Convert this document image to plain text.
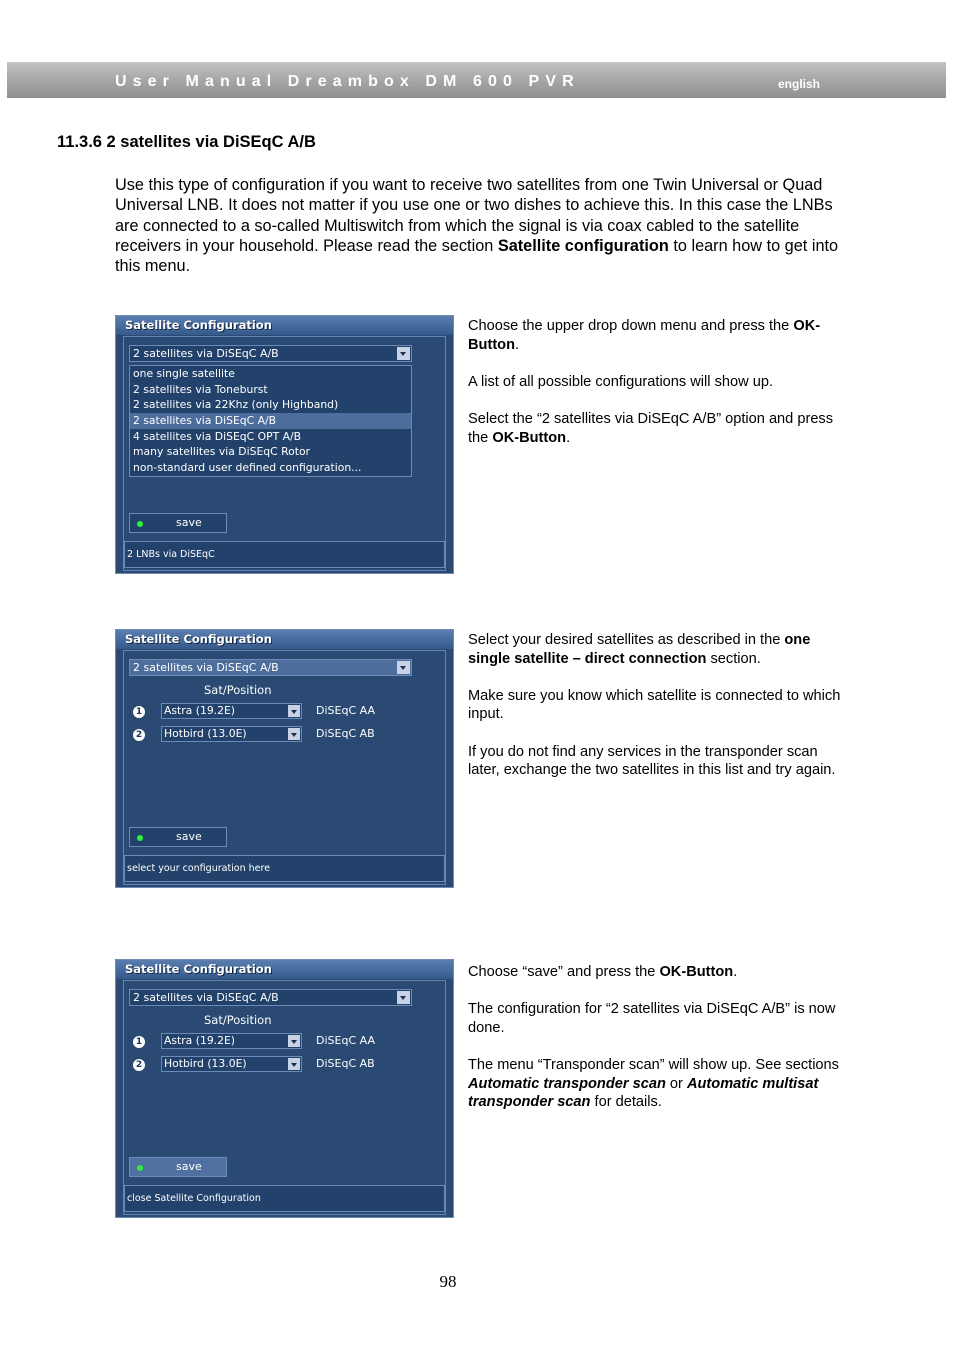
User Manual Dreambox DM 600 PVR	english
11.3.6 2 satellites via DiSEqC A/B

Use this type of configuration if you want to receive two satellites from one Twin Universal or Quad Universal LNB. It does not matter if you use one or two dishes to achieve this. In this case the LNBs are connected to a so-called Multiswitch from which the signal is via coax cabled to the satellite receivers in your household. Please read the section Satellite configuration to learn how to get into this menu.

Satellite Configuration
2 satellites via DiSEqC A/B
one single satellite
2 satellites via Toneburst
2 satellites via 22Khz (only Highband)
2 satellites via DiSEqC A/B
4 satellites via DiSEqC OPT A/B
many satellites via DiSEqC Rotor
non-standard user defined configuration...
save
2 LNBs via DiSEqC

Choose the upper drop down menu and press the OK-Button.

A list of all possible configurations will show up.

Select the “2 satellites via DiSEqC A/B” option and press the OK-Button.

Satellite Configuration
2 satellites via DiSEqC A/B
Sat/Position
1 Astra (19.2E)	DiSEqC AA
2 Hotbird (13.0E)	DiSEqC AB
save
select your configuration here

Select your desired satellites as described in the one single satellite – direct connection section.

Make sure you know which satellite is connected to which input.

If you do not find any services in the transponder scan later, exchange the two satellites in this list and try again.

Satellite Configuration
2 satellites via DiSEqC A/B
Sat/Position
1 Astra (19.2E)	DiSEqC AA
2 Hotbird (13.0E)	DiSEqC AB
save
close Satellite Configuration

Choose “save” and press the OK-Button.

The configuration for “2 satellites via DiSEqC A/B” is now done.

The menu “Transponder scan” will show up. See sections Automatic transponder scan or Automatic multisat transponder scan for details.

98
